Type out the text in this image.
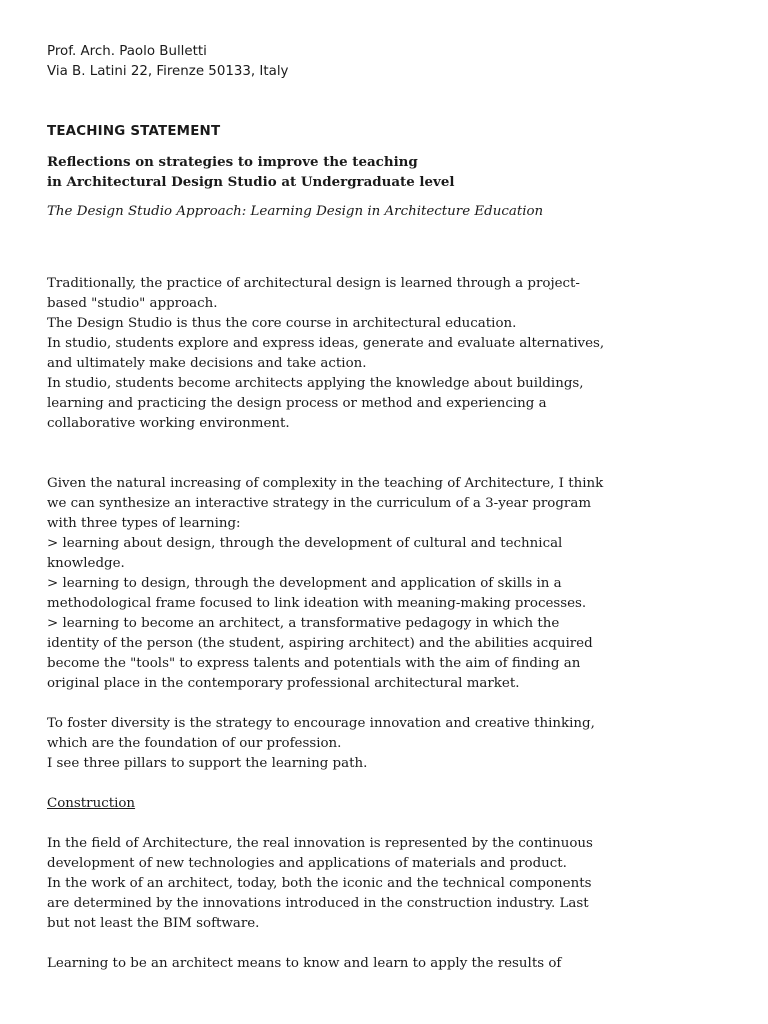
Prof. Arch. Paolo Bulletti
Via B. Latini 22, Firenze 50133, Italy
TEACHING STATEMENT
Reflections on strategies to improve the teaching
in Architectural Design Studio at Undergraduate level
The Design Studio Approach: Learning Design in Architecture Education
Traditionally, the practice of architectural design is learned through a project-
based "studio" approach.
The Design Studio is thus the core course in architectural education.
In studio, students explore and express ideas, generate and evaluate alternatives,
and ultimately make decisions and take action.
In studio, students become architects applying the knowledge about buildings,
learning and practicing the design process or method and experiencing a
collaborative working environment.
Given the natural increasing of complexity in the teaching of Architecture, I think
we can synthesize an interactive strategy in the curriculum of a 3-year program
with three types of learning:
> learning about design, through the development of cultural and technical
knowledge.
> learning to design, through the development and application of skills in a
methodological frame focused to link ideation with meaning-making processes.
> learning to become an architect, a transformative pedagogy in which the
identity of the person (the student, aspiring architect) and the abilities acquired
become the "tools" to express talents and potentials with the aim of finding an
original place in the contemporary professional architectural market.
To foster diversity is the strategy to encourage innovation and creative thinking,
which are the foundation of our profession.
I see three pillars to support the learning path.
Construction
In the field of Architecture, the real innovation is represented by the continuous
development of new technologies and applications of materials and product.
In the work of an architect, today, both the iconic and the technical components
are determined by the innovations introduced in the construction industry. Last
but not least the BIM software.
Learning to be an architect means to know and learn to apply the results of
